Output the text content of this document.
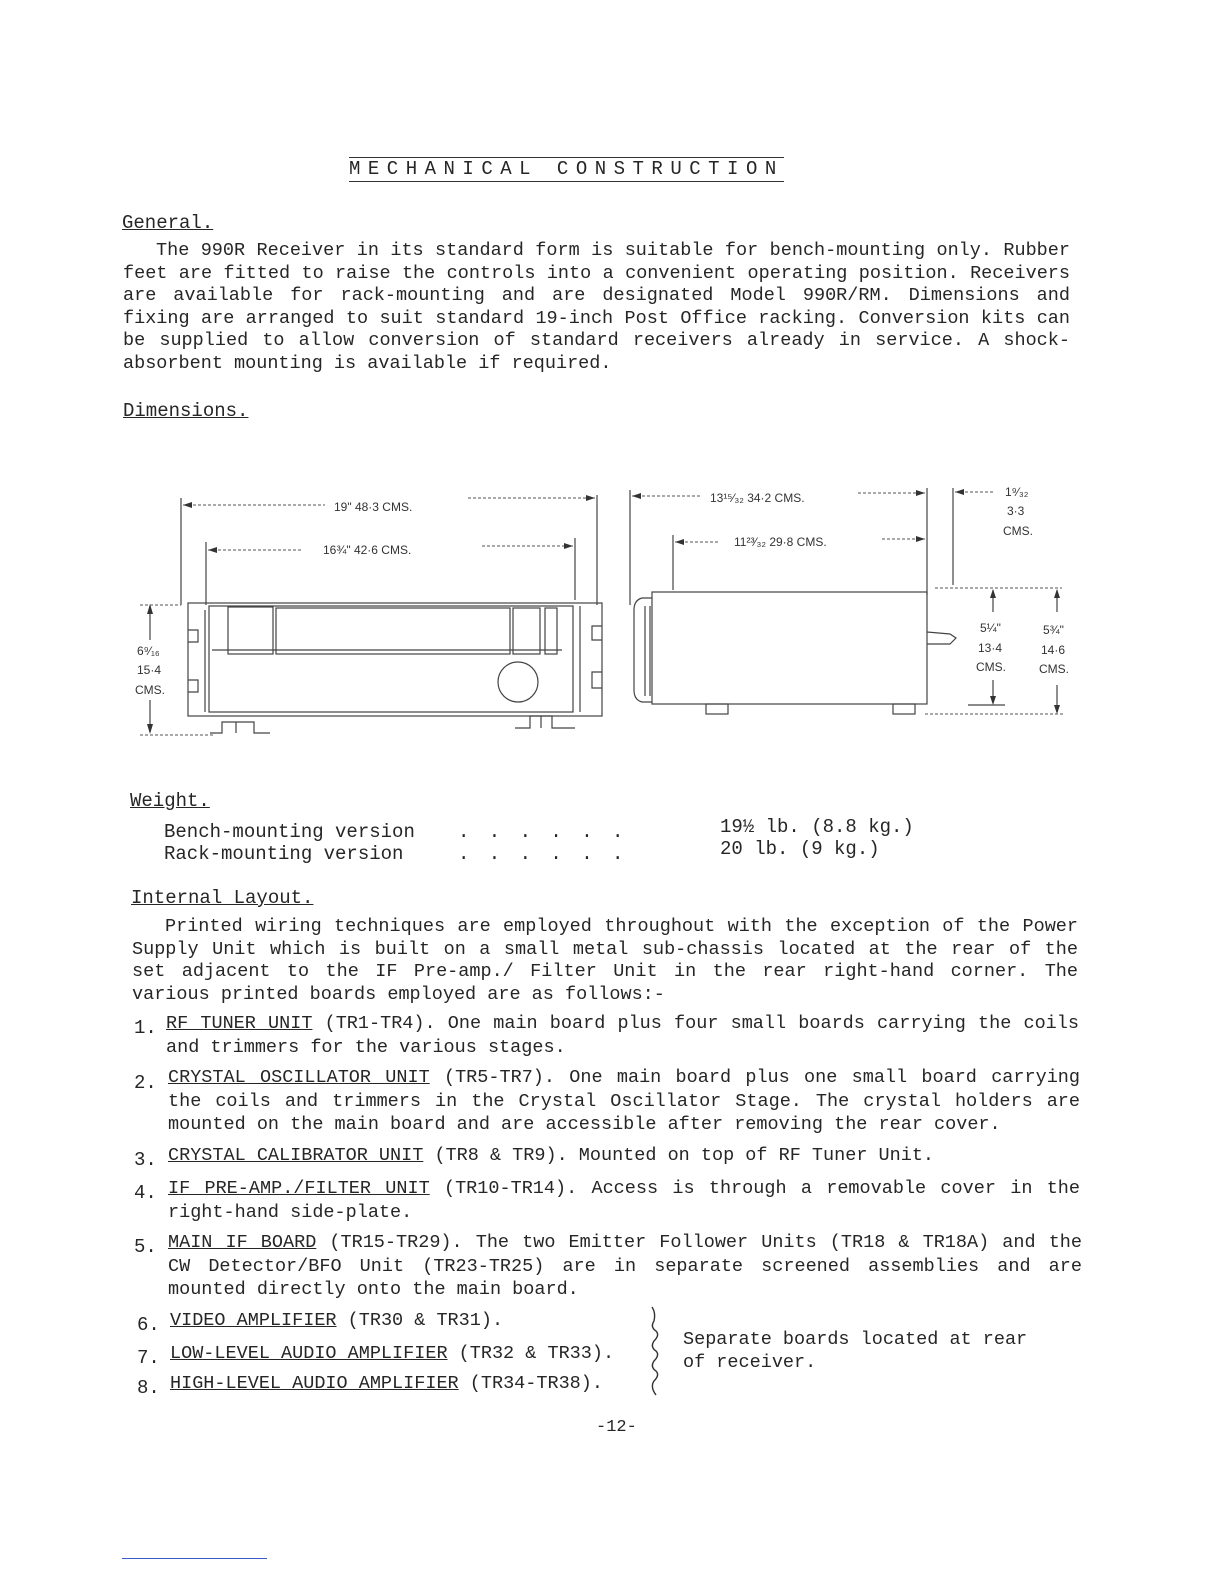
MECHANICAL CONSTRUCTION
General.
The 990R Receiver in its standard form is suitable for bench-mounting only. Rubber feet are fitted to raise the controls into a convenient operating position. Receivers are available for rack-mounting and are designated Model 990R/RM. Dimensions and fixing are arranged to suit standard 19-inch Post Office racking. Conversion kits can be supplied to allow conversion of standard receivers already in service. A shock-absorbent mounting is available if required.
Dimensions.
19" 48·3 CMS.
16¾" 42·6 CMS.
6⁹⁄₁₆
15·4
CMS.
13¹⁵⁄₃₂ 34·2 CMS.
11²³⁄₃₂ 29·8 CMS.
1⁹⁄₃₂
3·3
CMS.
5¼"
13·4
CMS.
5¾"
14·6
CMS.
Weight.
Bench-mounting version . . . . . .	19½ lb. (8.8 kg.)
Rack-mounting version	. . . . . .	20 lb. (9 kg.)
Internal Layout.
Printed wiring techniques are employed throughout with the exception of the Power Supply Unit which is built on a small metal sub-chassis located at the rear of the set adjacent to the IF Pre-amp./ Filter Unit in the rear right-hand corner. The various printed boards employed are as follows:-
1. RF TUNER UNIT (TR1-TR4). One main board plus four small boards carrying the coils and trimmers for the various stages.
2. CRYSTAL OSCILLATOR UNIT (TR5-TR7). One main board plus one small board carrying the coils and trimmers in the Crystal Oscillator Stage. The crystal holders are mounted on the main board and are accessible after removing the rear cover.
3. CRYSTAL CALIBRATOR UNIT (TR8 & TR9). Mounted on top of RF Tuner Unit.
4. IF PRE-AMP./FILTER UNIT (TR10-TR14). Access is through a removable cover in the right-hand side-plate.
5. MAIN IF BOARD (TR15-TR29). The two Emitter Follower Units (TR18 & TR18A) and the CW Detector/BFO Unit (TR23-TR25) are in separate screened assemblies and are mounted directly onto the main board.
6. VIDEO AMPLIFIER (TR30 & TR31).
7. LOW-LEVEL AUDIO AMPLIFIER (TR32 & TR33).
8. HIGH-LEVEL AUDIO AMPLIFIER (TR34-TR38).
Separate boards located at rear of receiver.
-12-
